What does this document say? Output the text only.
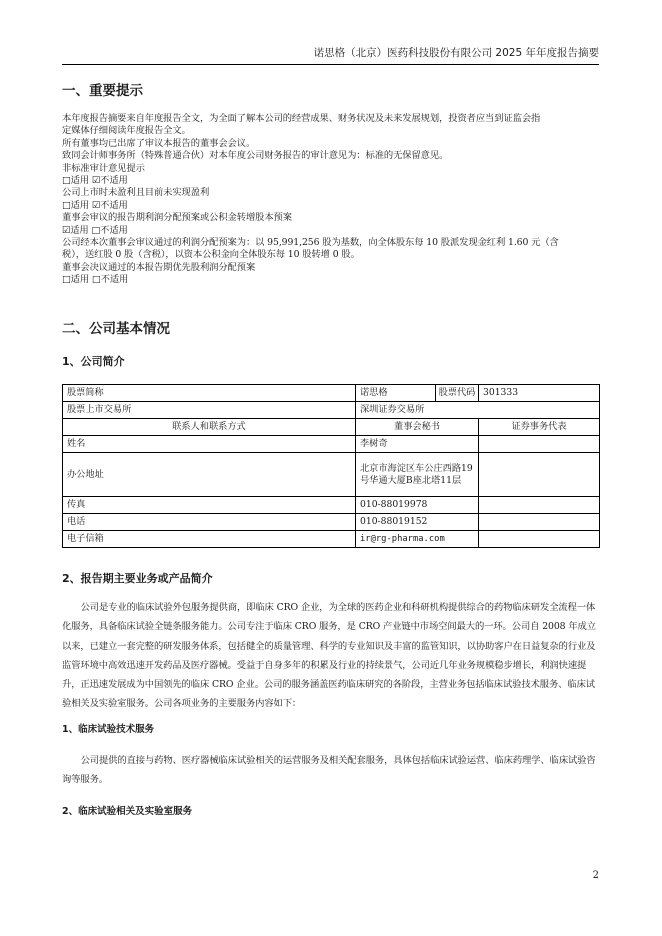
诺思格（北京）医药科技股份有限公司 2025 年年度报告摘要
一、重要提示

本年度报告摘要来自年度报告全文，为全面了解本公司的经营成果、财务状况及未来发展规划，投资者应当到证监会指

定媒体仔细阅读年度报告全文。

所有董事均已出席了审议本报告的董事会会议。

致同会计师事务所（特殊普通合伙）对本年度公司财务报告的审计意见为：标准的无保留意见。

非标准审计意见提示

□适用 ☑不适用

公司上市时未盈利且目前未实现盈利

□适用 ☑不适用

董事会审议的报告期利润分配预案或公积金转增股本预案

☑适用 □不适用

公司经本次董事会审议通过的利润分配预案为：以 95,991,256 股为基数，向全体股东每 10 股派发现金红利 1.60 元（含

税），送红股 0 股（含税），以资本公积金向全体股东每 10 股转增 0 股。

董事会决议通过的本报告期优先股利润分配预案

□适用 □不适用

二、公司基本情况
1、公司简介
股票简称	诺思格	股票代码	301333
股票上市交易所	深圳证券交易所		
联系人和联系方式	董事会秘书		证券事务代表
姓名	李树奇		
办公地址	北京市海淀区车公庄西路19号华通大厦B座北塔11层		
传真	010-88019978		
电话	010-88019152		
电子信箱	ir@rg-pharma.com		
2、报告期主要业务或产品简介

公司是专业的临床试验外包服务提供商，即临床 CRO 企业，为全球的医药企业和科研机构提供综合的药物临床研发全流程一体化服务，具备临床试验全链条服务能力。公司专注于临床 CRO 服务，是 CRO 产业链中市场空间最大的一环。公司自 2008 年成立以来，已建立一套完整的研发服务体系，包括健全的质量管理、科学的专业知识及丰富的监管知识，以协助客户在日益复杂的行业及监管环境中高效迅速开发药品及医疗器械。受益于自身多年的积累及行业的持续景气，公司近几年业务规模稳步增长，利润快速提升，正迅速发展成为中国领先的临床 CRO 企业。公司的服务涵盖医药临床研究的各阶段，主营业务包括临床试验技术服务、临床试验相关及实验室服务。公司各项业务的主要服务内容如下：

1、临床试验技术服务

公司提供的直接与药物、医疗器械临床试验相关的运营服务及相关配套服务，具体包括临床试验运营、临床药理学、临床试验咨询等服务。

2、临床试验相关及实验室服务
2
